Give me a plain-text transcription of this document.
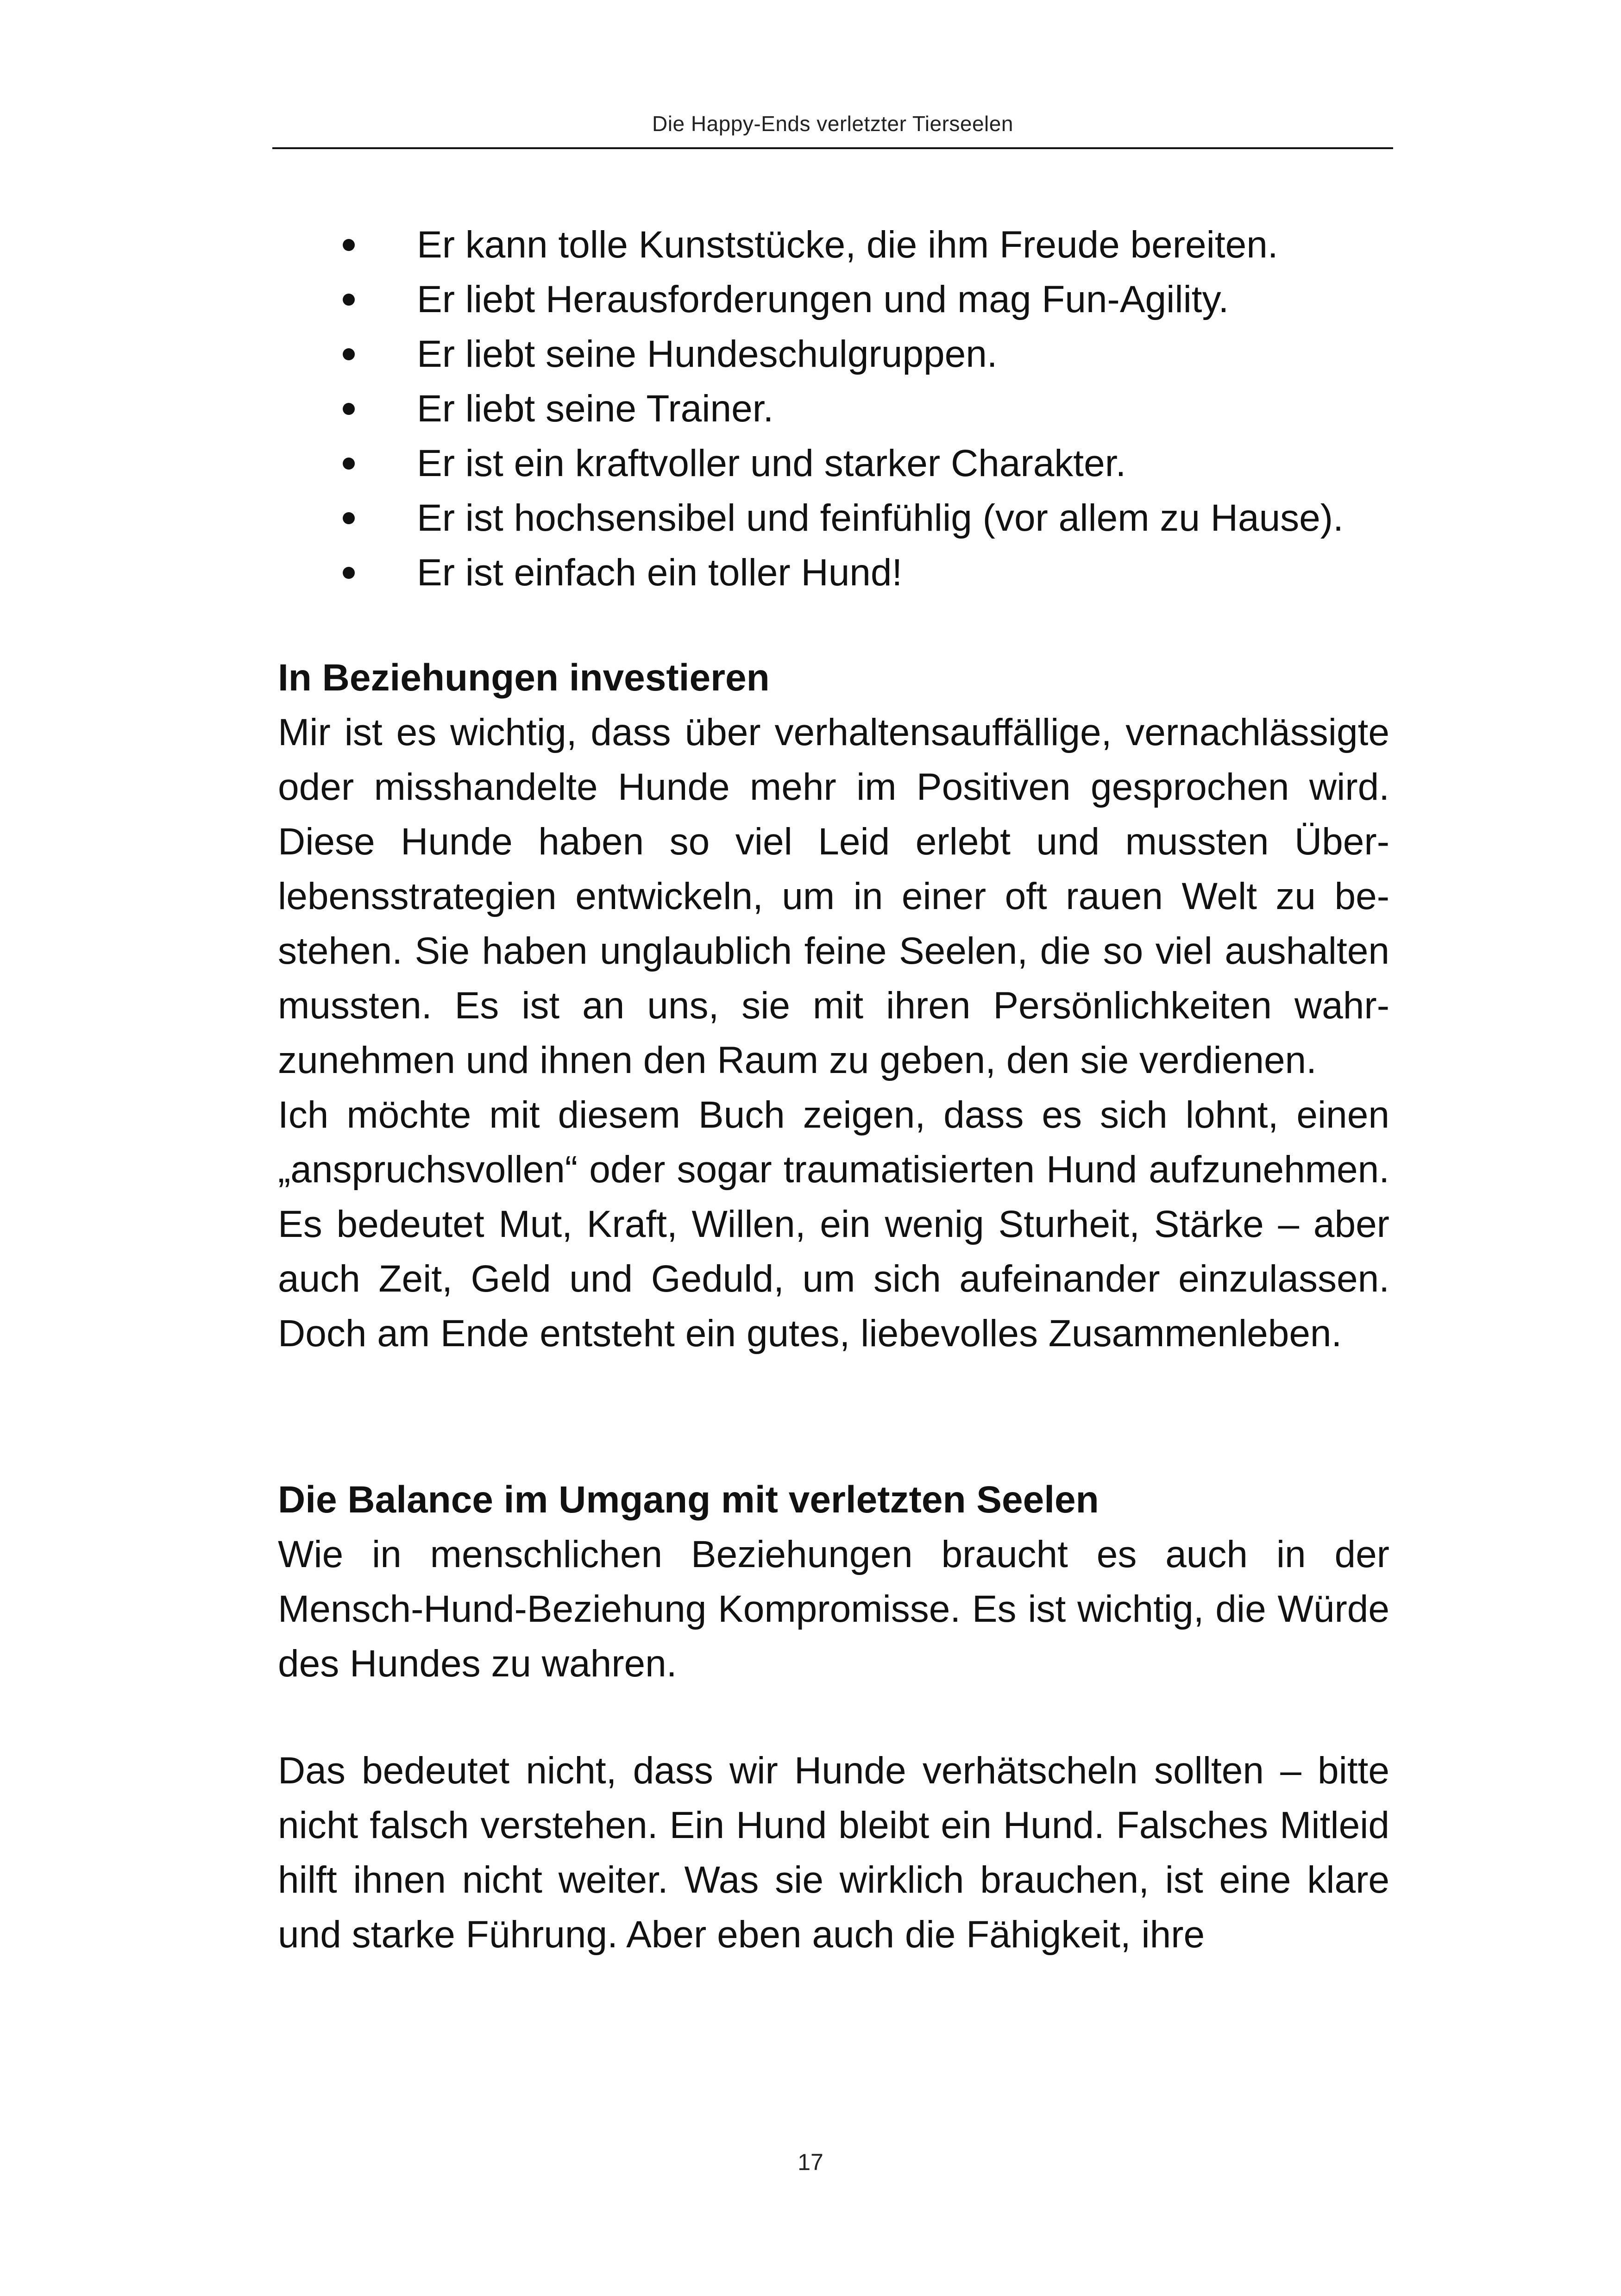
Die Happy-Ends verletzter Tierseelen
Er kann tolle Kunststücke, die ihm Freude bereiten.
Er liebt Herausforderungen und mag Fun-Agility.
Er liebt seine Hundeschulgruppen.
Er liebt seine Trainer.
Er ist ein kraftvoller und starker Charakter.
Er ist hochsensibel und feinfühlig (vor allem zu Hause).
Er ist einfach ein toller Hund!
In Beziehungen investieren

Mir ist es wichtig, dass über verhaltensauffällige, vernachlässigte oder misshandelte Hunde mehr im Positiven gesprochen wird. Diese Hunde haben so viel Leid erlebt und mussten Überlebensstrategien entwickeln, um in einer oft rauen Welt zu bestehen. Sie haben unglaublich feine Seelen, die so viel aushalten mussten. Es ist an uns, sie mit ihren Persönlichkeiten wahrzunehmen und ihnen den Raum zu geben, den sie verdienen.

Ich möchte mit diesem Buch zeigen, dass es sich lohnt, einen „anspruchsvollen“ oder sogar traumatisierten Hund aufzunehmen. Es bedeutet Mut, Kraft, Willen, ein wenig Sturheit, Stärke – aber auch Zeit, Geld und Geduld, um sich aufeinander einzulassen. Doch am Ende entsteht ein gutes, liebevolles Zusammenleben.

Die Balance im Umgang mit verletzten Seelen

Wie in menschlichen Beziehungen braucht es auch in der Mensch-Hund-Beziehung Kompromisse. Es ist wichtig, die Würde des Hundes zu wahren.

Das bedeutet nicht, dass wir Hunde verhätscheln sollten – bitte nicht falsch verstehen. Ein Hund bleibt ein Hund. Falsches Mitleid hilft ihnen nicht weiter. Was sie wirklich brauchen, ist eine klare und starke Führung. Aber eben auch die Fähigkeit, ihre

17
